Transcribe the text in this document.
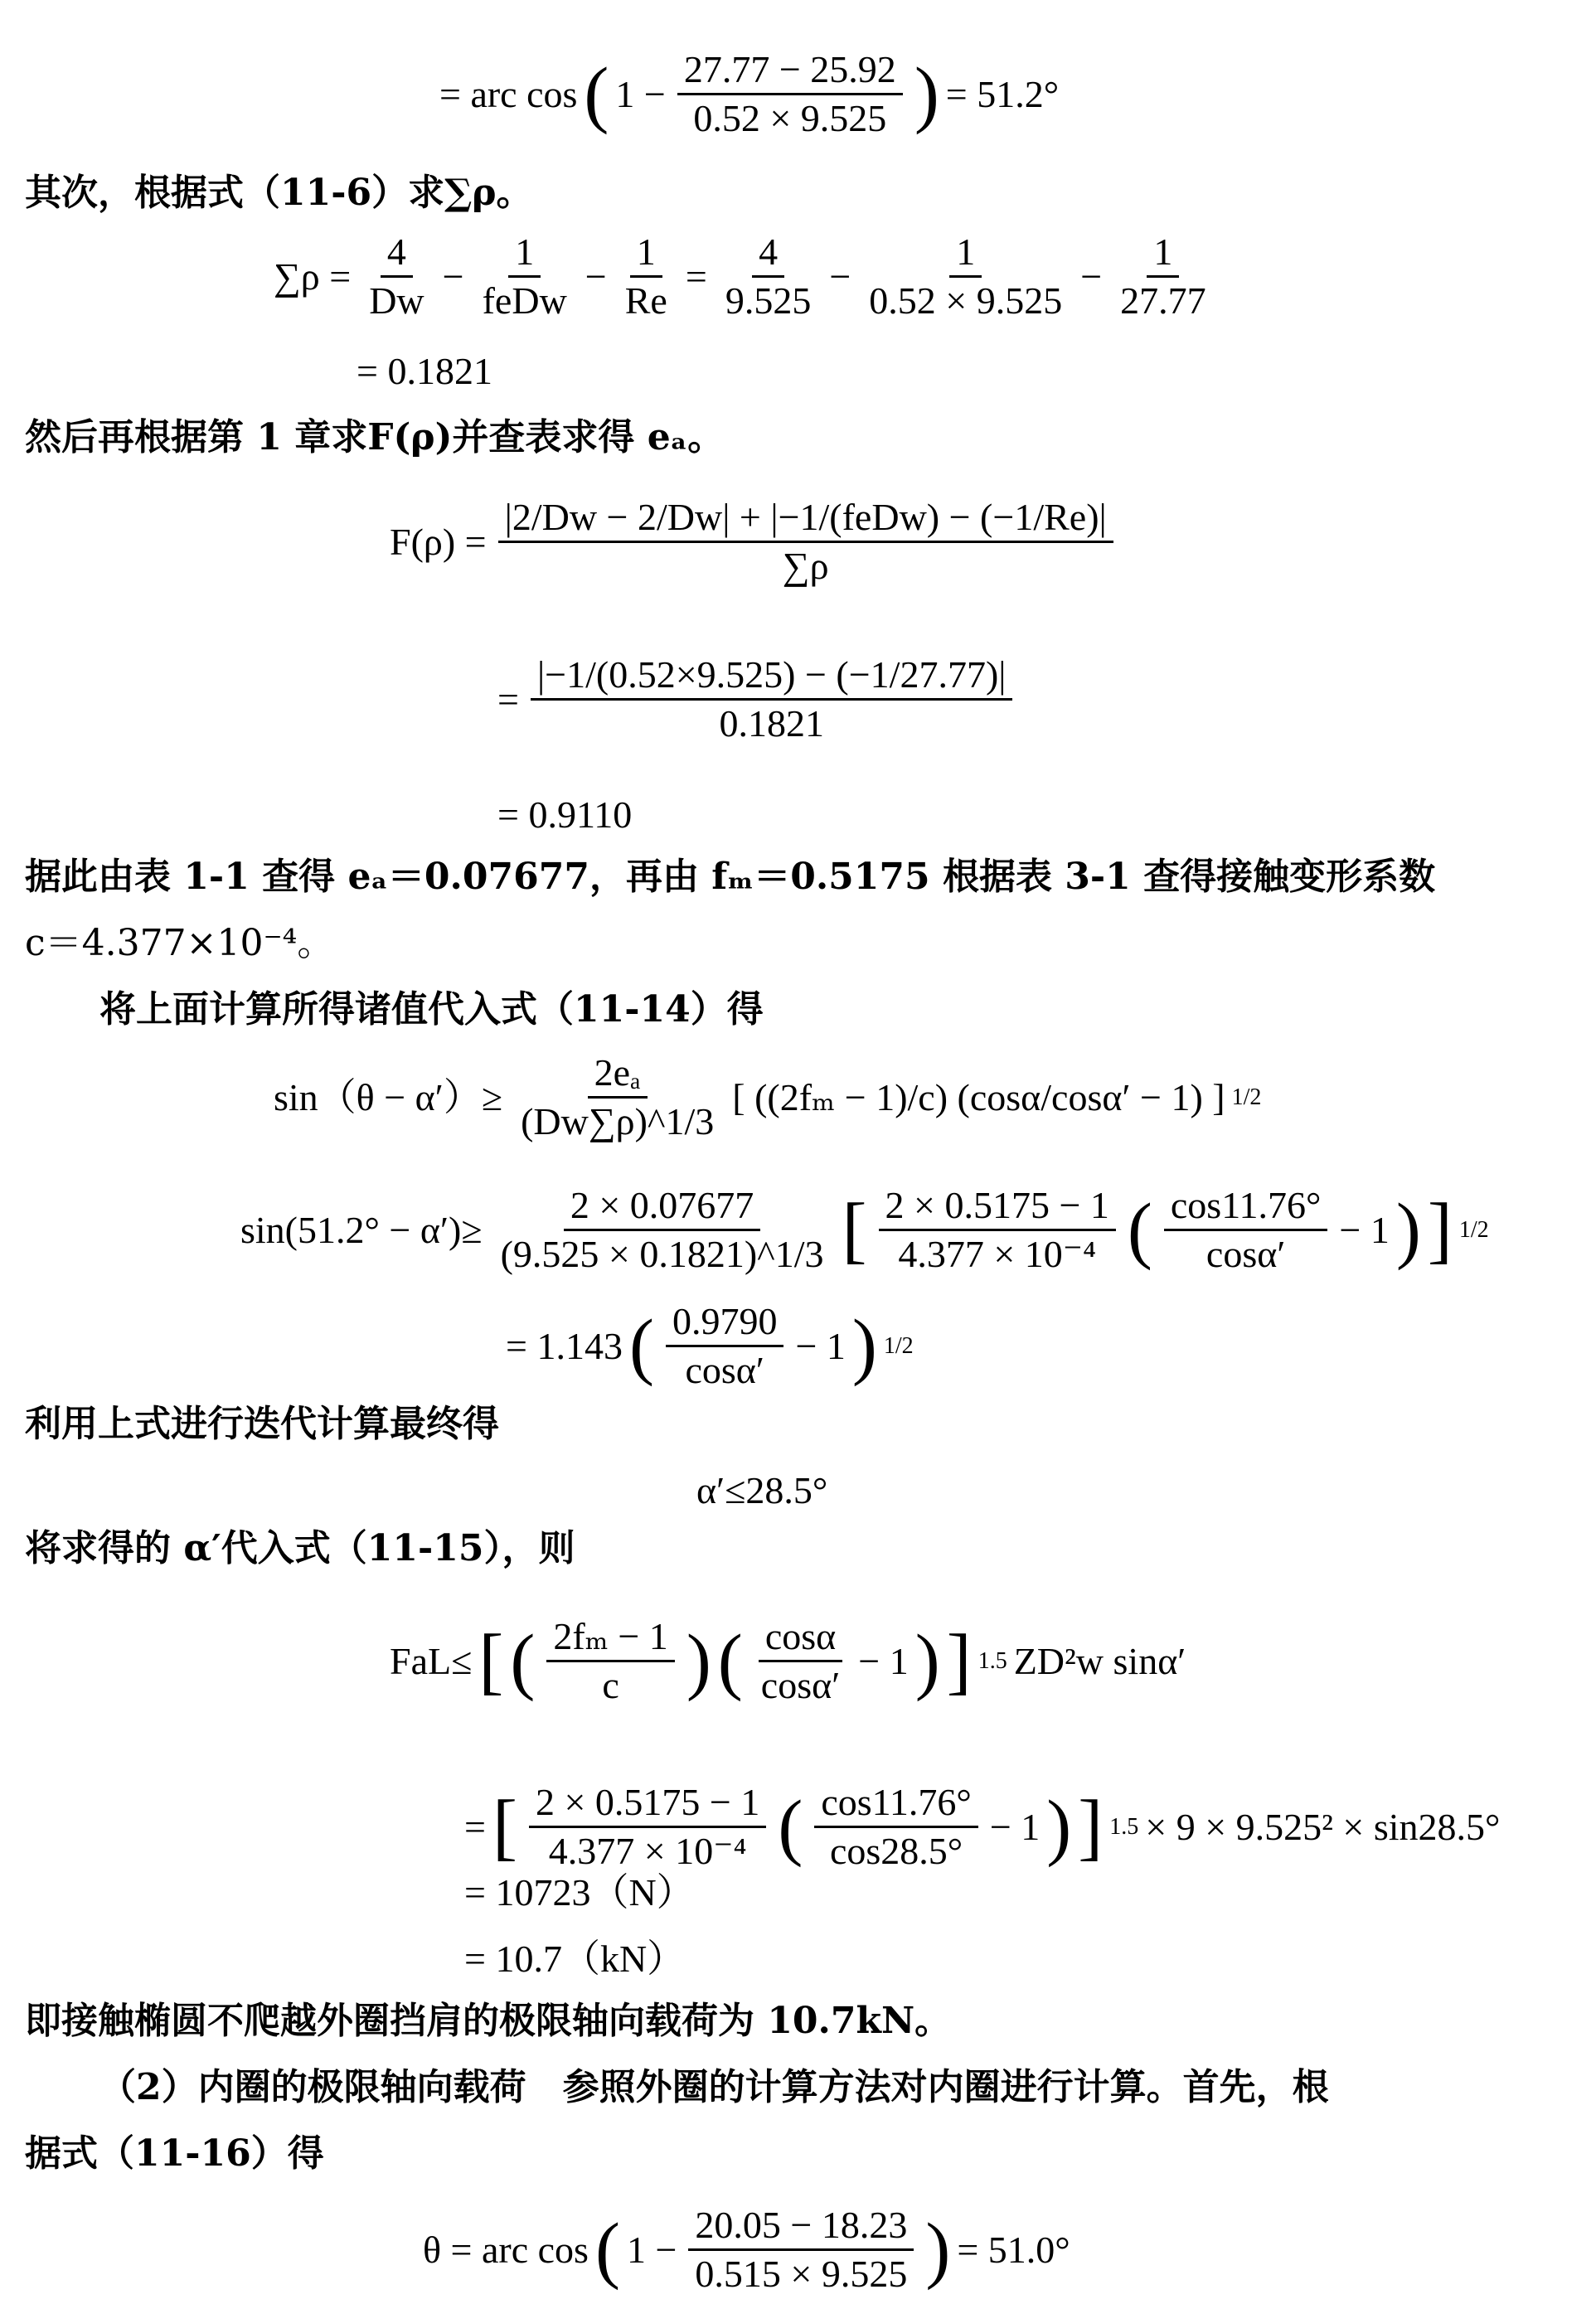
= arc cos ( $1 - \frac{27.77 - 25.92}{0.52 \times 9.525}$ ) = 51.2°
其次，根据式（11-6）求∑ρ。
$\sum\rho = \frac{4}{Dw} - \frac{1}{\text{feDw}} - \frac{1}{Re} = \frac{4}{9.525} - \frac{1}{0.52 \times 9.525} - \frac{1}{27.77}$
= 0.1821
然后再根据第 1 章求F(ρ)并查表求得 eₐ。
$F(\rho) = \frac{\text{|2/Dw − 2/Dw| + |−1/(feDw) − (−1/Re)|}}{\sum\rho}$
= $\frac{|-1/(0.52\times 9.525) - (-1/27.77)|}{0.1821}$
= 0.9110
据此由表 1-1 查得 eₐ＝0.07677，再由 fₘ＝0.5175 根据表 3-1 查得接触变形系数
c＝4.377×10⁻⁴。
将上面计算所得诸值代入式（11-14）得
$\sin(\theta - \alpha')\ge \frac{\text{2eₐ}}{(Dw\sum\rho)\^{}1/3}$ [ ((2fₘ − 1)/c) (cosα/cosα′ − 1) ] 1/2
$\sin(51.2^\circ - \alpha')\ge \frac{2 \times 0.07677}{(9.525 \times 0.1821)\^{}1/3}$ [ $\frac{2 \times 0.5175 - 1}{\text{4.377 × 10⁻⁴}}$ ( $\frac{\cos 11.76^\circ}{\cos\alpha'} - 1$ ) ] 1/2
= 1.143 ( $\frac{0.9790}{\cos\alpha'} - 1$ ) 1/2
利用上式进行迭代计算最终得
α′≤28.5°
将求得的 α′代入式（11-15），则
FaL≤ [ ( $\frac{\text{2fₘ − 1}}{c}$ ) ( $\frac{\cos\alpha}{\cos\alpha'} - 1$ ) ] 1.5 ZD²w sinα′
= [ $\frac{2 \times 0.5175 - 1}{\text{4.377 × 10⁻⁴}}$ ( $\frac{\cos 11.76^\circ}{\cos 28.5^\circ} - 1$ ) ] 1.5 × 9 × 9.525² × sin28.5°
= 10723（N）
= 10.7（kN）
即接触椭圆不爬越外圈挡肩的极限轴向载荷为 10.7kN。
（2）内圈的极限轴向载荷　参照外圈的计算方法对内圈进行计算。首先，根
据式（11-16）得
θ = arc cos ( $1 - \frac{20.05 - 18.23}{0.515 \times 9.525}$ ) = 51.0°
